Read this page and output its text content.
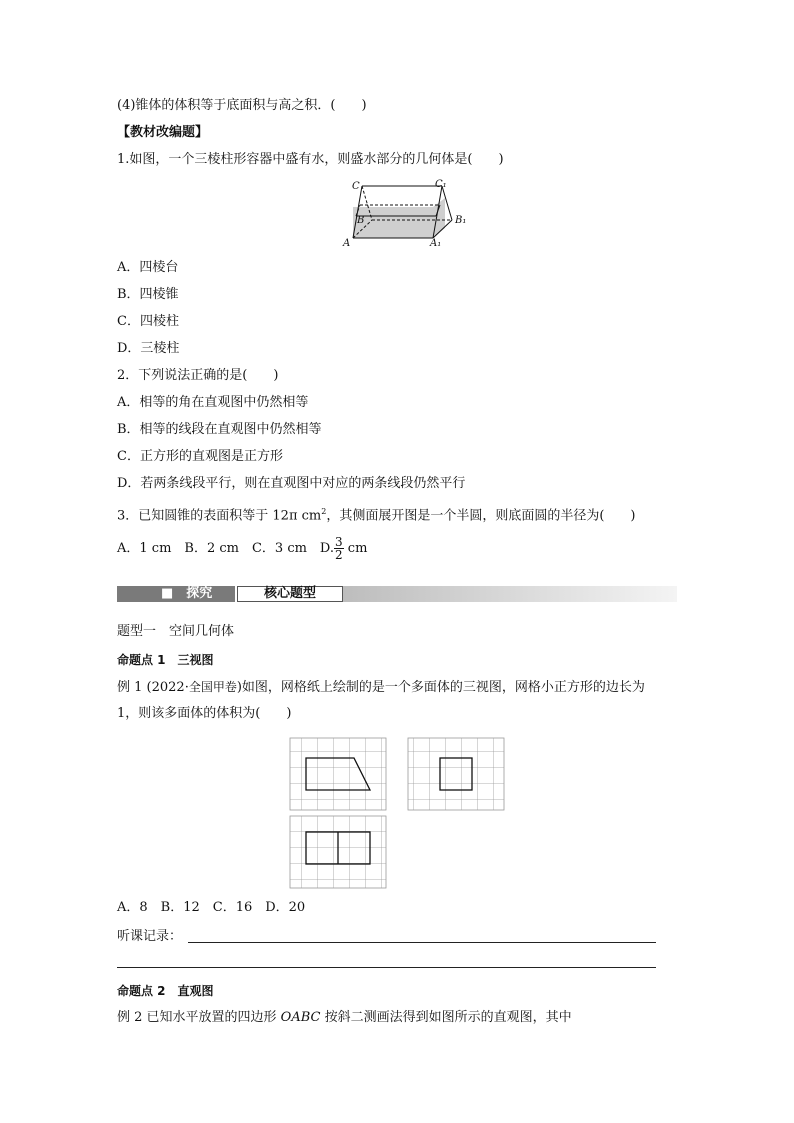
(4)锥体的体积等于底面积与高之积．(　　)
【教材改编题】
1.如图，一个三棱柱形容器中盛有水，则盛水部分的几何体是(　　)
C	C₁
B	B₁
A	A₁
A．四棱台
B．四棱锥
C．四棱柱
D．三棱柱
2．下列说法正确的是(　　)
A．相等的角在直观图中仍然相等
B．相等的线段在直观图中仍然相等
C．正方形的直观图是正方形
D．若两条线段平行，则在直观图中对应的两条线段仍然平行
3．已知圆锥的表面积等于 12π $cm^2$，其侧面展开图是一个半圆，则底面圆的半径为(　　)
A．1 cm　B．2 cm　C．3 cm　D. $\frac{3}{2}$ cm
■　探究	核心题型
题型一　空间几何体
命题点 1　三视图
例 1 (2022·全国甲卷)如图，网格纸上绘制的是一个多面体的三视图，网格小正方形的边长为
1，则该多面体的体积为(　　)
A．8　B．12　C．16　D．20
听课记录：
命题点 2　直观图
例 2 已知水平放置的四边形 OABC 按斜二测画法得到如图所示的直观图，其中
